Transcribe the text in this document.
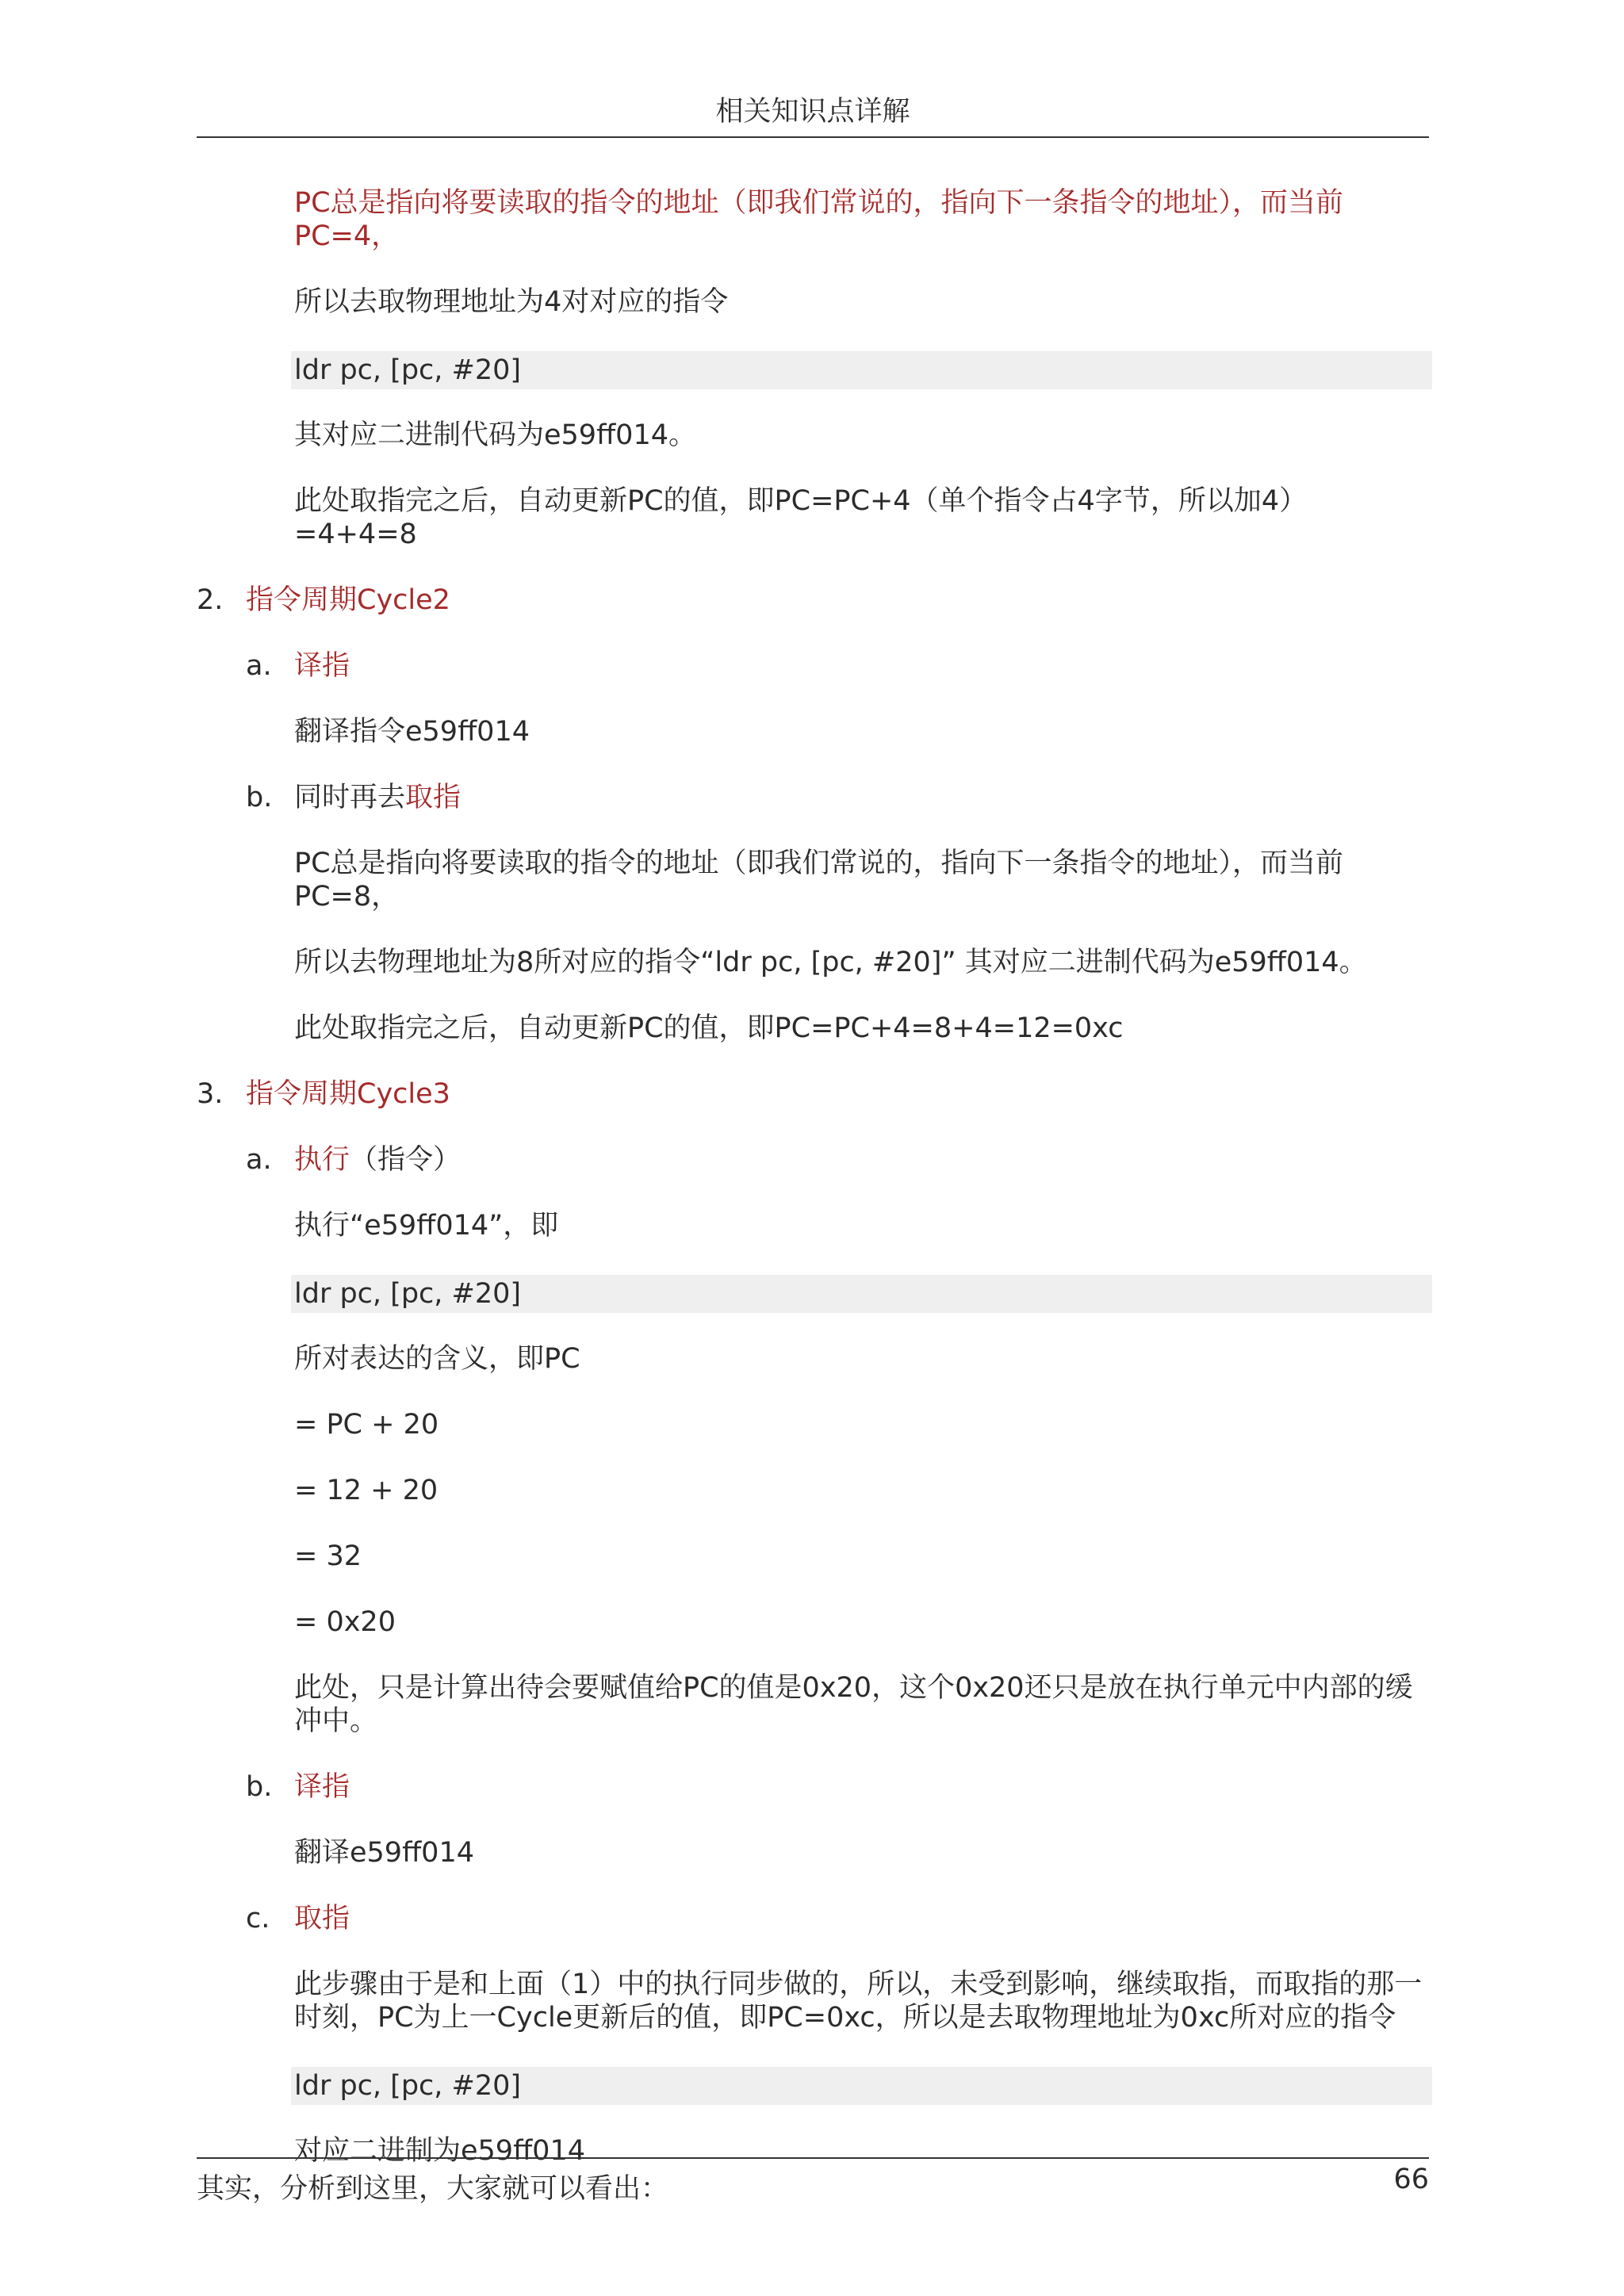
相关知识点详解
PC总是指向将要读取的指令的地址（即我们常说的，指向下一条指令的地址），而当前PC=4，
所以去取物理地址为4对对应的指令
ldr pc, [pc, #20]
其对应二进制代码为e59ff014。
此处取指完之后，自动更新PC的值，即PC=PC+4（单个指令占4字节，所以加4）=4+4=8
2. 指令周期Cycle2
a. 译指
翻译指令e59ff014
b. 同时再去取指
PC总是指向将要读取的指令的地址（即我们常说的，指向下一条指令的地址），而当前PC=8，
所以去物理地址为8所对应的指令“ldr pc, [pc, #20]” 其对应二进制代码为e59ff014。
此处取指完之后，自动更新PC的值，即PC=PC+4=8+4=12=0xc
3. 指令周期Cycle3
a. 执行（指令）
执行“e59ff014”，即
ldr pc, [pc, #20]
所对表达的含义，即PC
= PC + 20
= 12 + 20
= 32
= 0x20
此处，只是计算出待会要赋值给PC的值是0x20，这个0x20还只是放在执行单元中内部的缓冲中。
b. 译指
翻译e59ff014
c. 取指
此步骤由于是和上面（1）中的执行同步做的，所以，未受到影响，继续取指，而取指的那一时刻，PC为上一Cycle更新后的值，即PC=0xc，所以是去取物理地址为0xc所对应的指令
ldr pc, [pc, #20]
对应二进制为e59ff014
其实，分析到这里，大家就可以看出：	66
